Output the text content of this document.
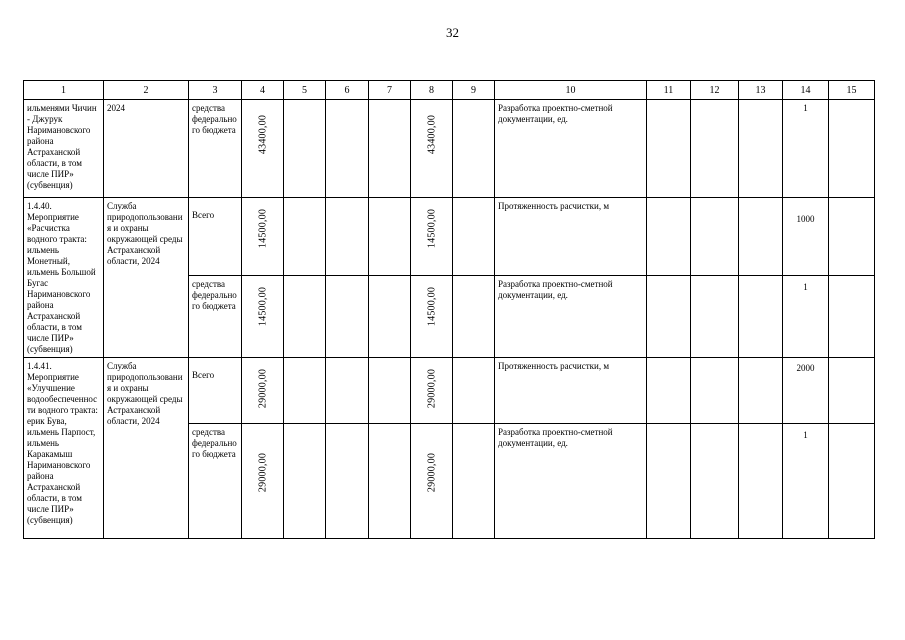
32
1	2	3	4	5	6	7	8	9	10	11	12	13	14	15
ильменями Чичин - Джурук Наримановского района Астраханской области, в том числе ПИР» (субвенция)	2024	средства федерального бюджета	43400,00				43400,00		Разработка проектно-сметной документации, ед.				1	
1.4.40. Мероприятие «Расчистка водного тракта: ильмень Монетный, ильмень Большой Бугас Наримановского района Астраханской области, в том числе ПИР» (субвенция)	Служба природопользования и охраны окружающей среды Астраханской области, 2024	Всего	14500,00				14500,00		Протяженность расчистки, м				1000	
		средства федерального бюджета	14500,00				14500,00		Разработка проектно-сметной документации, ед.				1	
1.4.41. Мероприятие «Улучшение водообеспеченности водного тракта: ерик Бува, ильмень Парпост, ильмень Каракамыш Наримановского района Астраханской области, в том числе ПИР» (субвенция)	Служба природопользования и охраны окружающей среды Астраханской области, 2024	Всего	29000,00				29000,00		Протяженность расчистки, м				2000	
		средства федерального бюджета	29000,00				29000,00		Разработка проектно-сметной документации, ед.				1	
